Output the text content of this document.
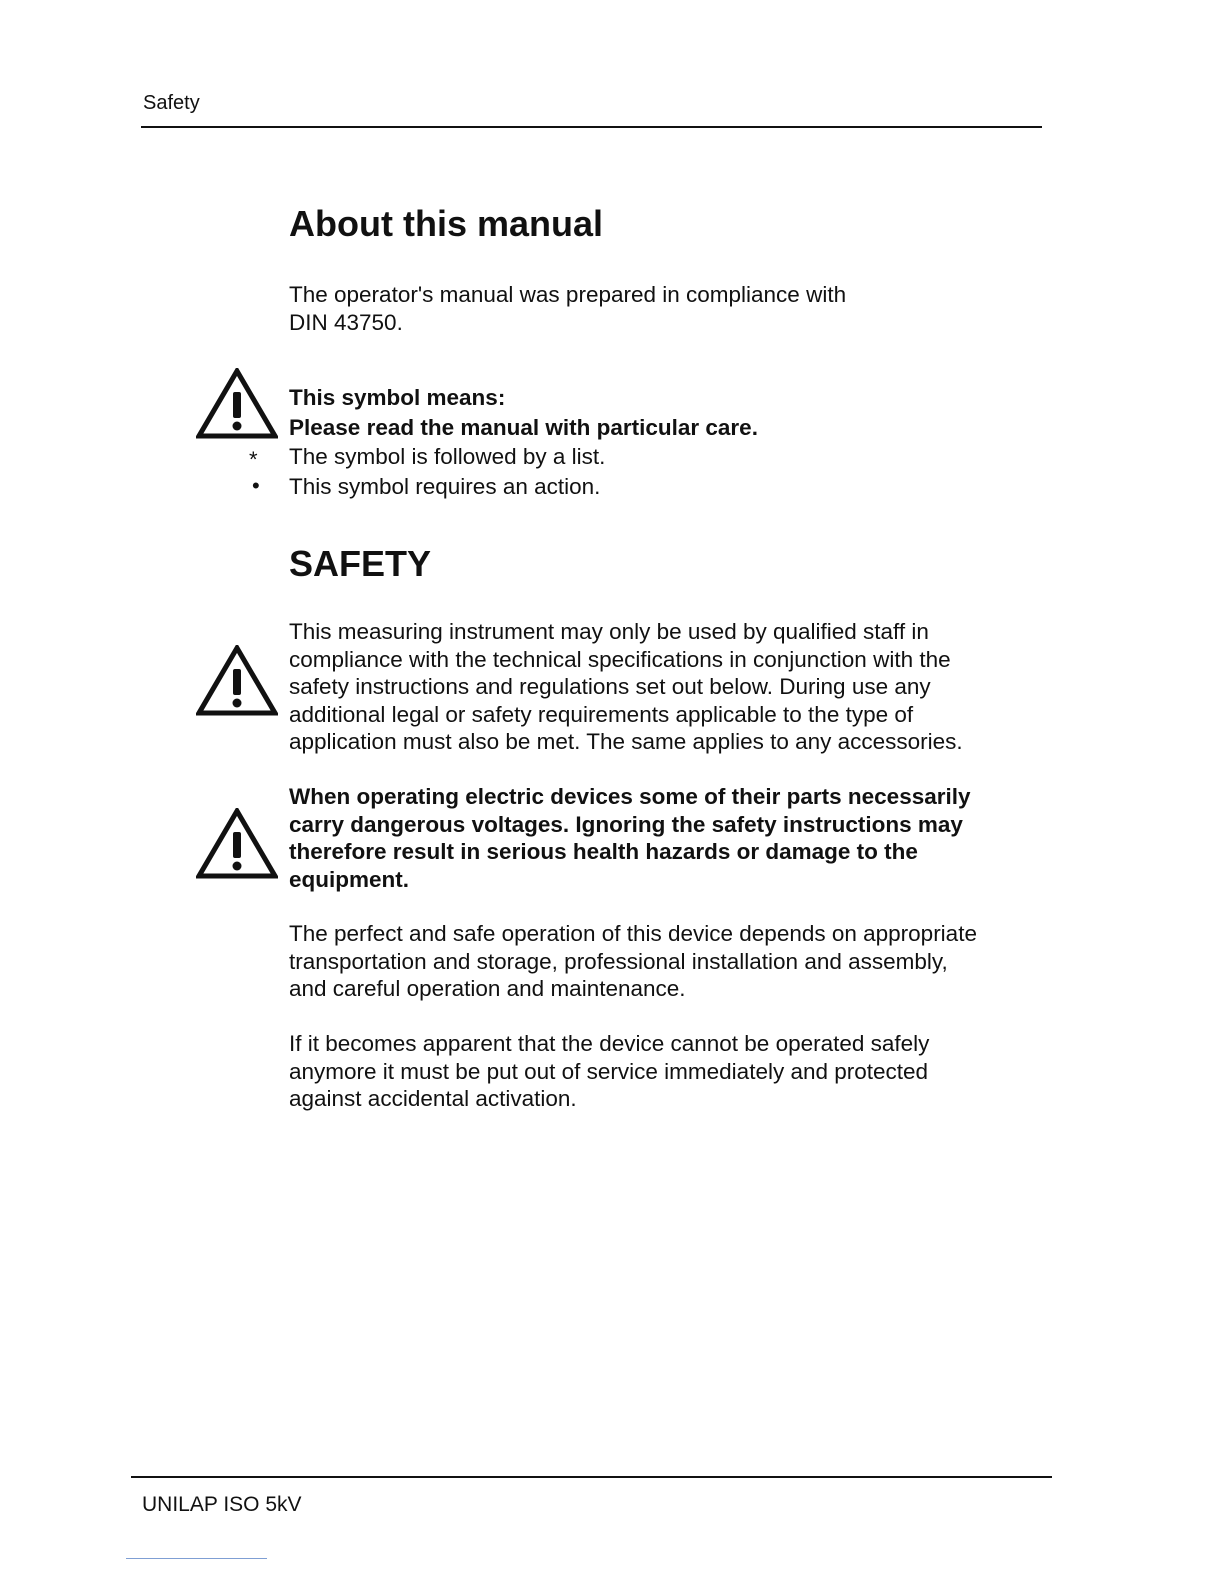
Safety
About this manual

The operator's manual was prepared in compliance with

DIN 43750.

This symbol means:

Please read the manual with particular care.

* The symbol is followed by a list.
• This symbol requires an action.
SAFETY

This measuring instrument may only be used by qualified staff in

compliance with the technical specifications in conjunction with the

safety instructions and regulations set out below. During use any

additional legal or safety requirements applicable to the type of

application must also be met. The same applies to any accessories.

When operating electric devices some of their parts necessarily

carry dangerous voltages. Ignoring the safety instructions may

therefore result in serious health hazards or damage to the

equipment.

The perfect and safe operation of this device depends on appropriate

transportation and storage, professional installation and assembly,

and careful operation and maintenance.

If it becomes apparent that the device cannot be operated safely

anymore it must be put out of service immediately and protected

against accidental activation.

UNILAP ISO 5kV
